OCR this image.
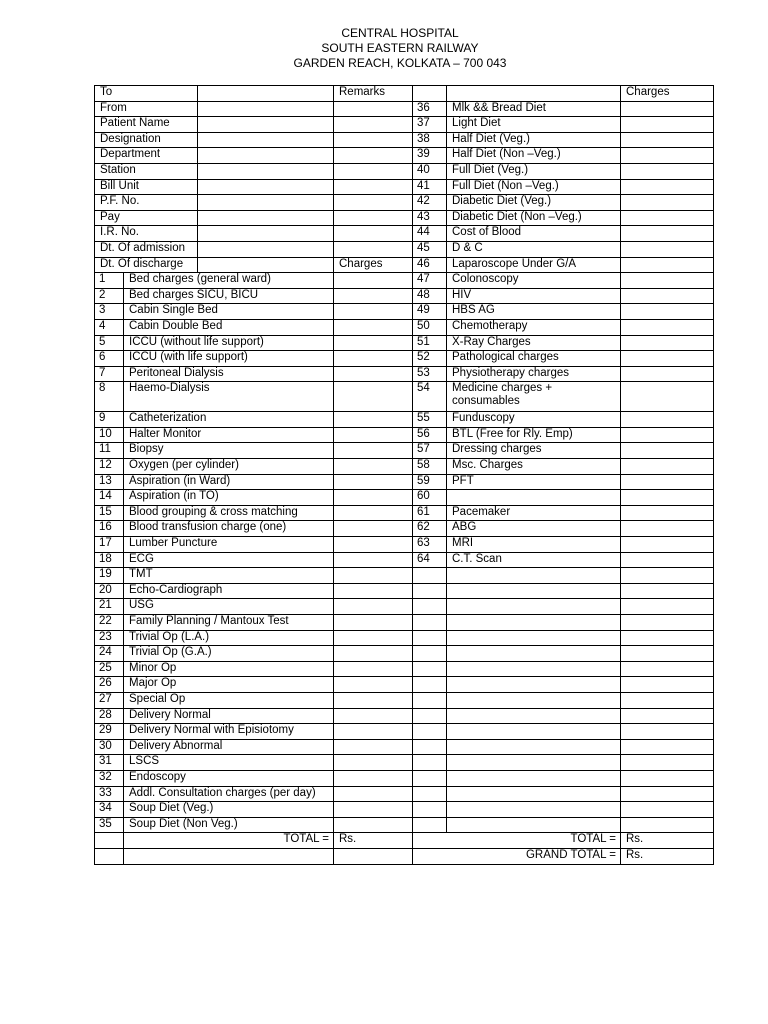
CENTRAL HOSPITAL
SOUTH EASTERN RAILWAY
GARDEN REACH, KOLKATA – 700 043
To			Remarks			Charges
From				36	Mlk && Bread Diet	
Patient Name				37	Light Diet	
Designation				38	Half Diet (Veg.)	
Department				39	Half Diet (Non –Veg.)	
Station				40	Full Diet (Veg.)	
Bill Unit				41	Full Diet (Non –Veg.)	
P.F. No.				42	Diabetic Diet (Veg.)	
Pay				43	Diabetic Diet (Non –Veg.)	
I.R. No.				44	Cost of Blood	
Dt. Of admission				45	D & C	
Dt. Of discharge			Charges	46	Laparoscope Under G/A	
1	Bed charges (general ward)			47	Colonoscopy	
2	Bed charges SICU, BICU			48	HIV	
3	Cabin Single Bed			49	HBS AG	
4	Cabin Double Bed			50	Chemotherapy	
5	ICCU (without life support)			51	X-Ray Charges	
6	ICCU (with life support)			52	Pathological charges	
7	Peritoneal Dialysis			53	Physiotherapy charges	
8	Haemo-Dialysis			54	Medicine charges + consumables	
9	Catheterization			55	Funduscopy	
10	Halter Monitor			56	BTL (Free for Rly. Emp)	
11	Biopsy			57	Dressing charges	
12	Oxygen (per cylinder)			58	Msc. Charges	
13	Aspiration (in Ward)			59	PFT	
14	Aspiration (in TO)			60		
15	Blood grouping & cross matching			61	Pacemaker	
16	Blood transfusion charge (one)			62	ABG	
17	Lumber Puncture			63	MRI	
18	ECG			64	C.T. Scan	
19	TMT					
20	Echo-Cardiograph					
21	USG					
22	Family Planning / Mantoux Test					
23	Trivial Op (L.A.)					
24	Trivial Op (G.A.)					
25	Minor Op					
26	Major Op					
27	Special Op					
28	Delivery Normal					
29	Delivery Normal with Episiotomy					
30	Delivery Abnormal					
31	LSCS					
32	Endoscopy					
33	Addl. Consultation charges (per day)					
34	Soup Diet (Veg.)					
35	Soup Diet (Non Veg.)					
	TOTAL =		Rs.	TOTAL =		Rs.
				GRAND TOTAL =		Rs.
